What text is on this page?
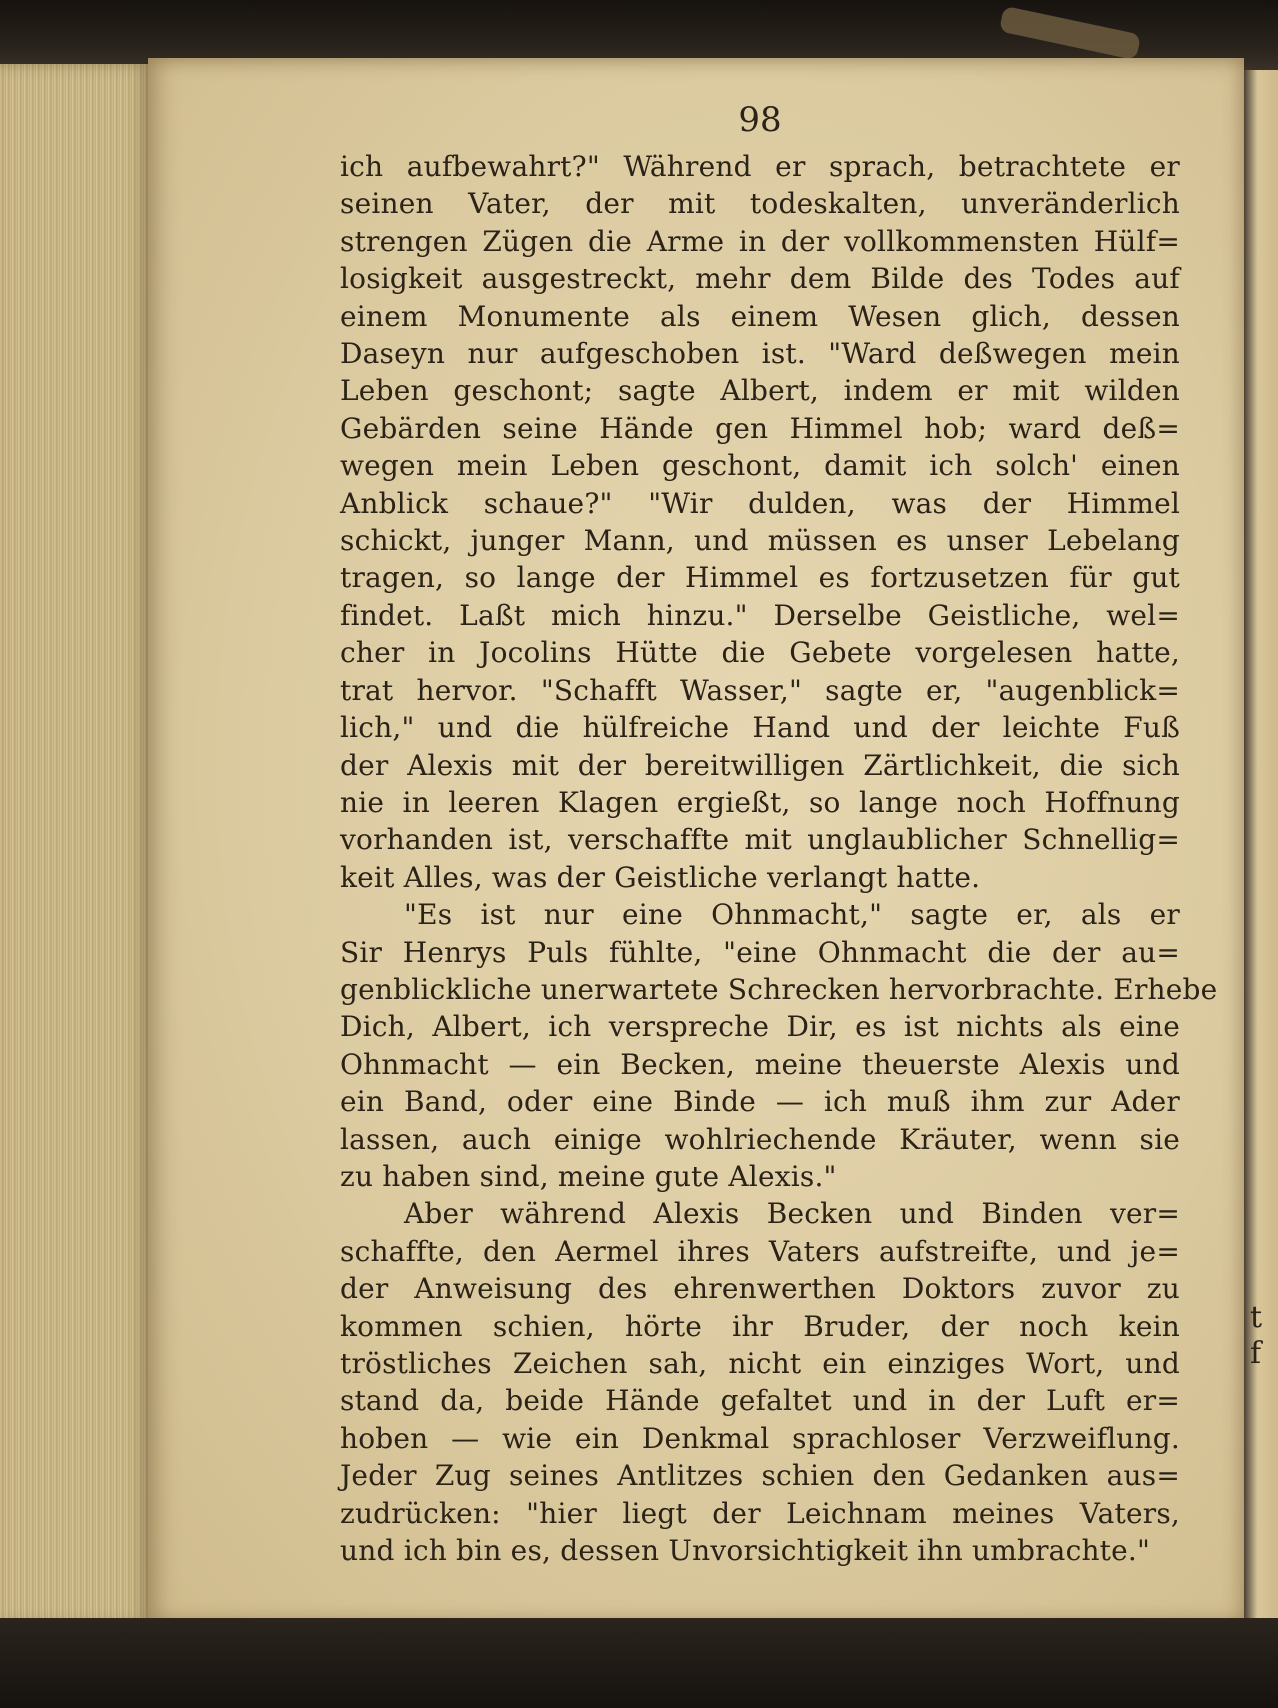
t
f
98
ich aufbewahrt?" Während er sprach, betrachtete er
seinen Vater, der mit todeskalten, unveränderlich
strengen Zügen die Arme in der vollkommensten Hülf=
losigkeit ausgestreckt, mehr dem Bilde des Todes auf
einem Monumente als einem Wesen glich, dessen
Daseyn nur aufgeschoben ist. "Ward deßwegen mein
Leben geschont; sagte Albert, indem er mit wilden
Gebärden seine Hände gen Himmel hob; ward deß=
wegen mein Leben geschont, damit ich solch' einen
Anblick schaue?" "Wir dulden, was der Himmel
schickt, junger Mann, und müssen es unser Lebelang
tragen, so lange der Himmel es fortzusetzen für gut
findet. Laßt mich hinzu." Derselbe Geistliche, wel=
cher in Jocolins Hütte die Gebete vorgelesen hatte,
trat hervor. "Schafft Wasser," sagte er, "augenblick=
lich," und die hülfreiche Hand und der leichte Fuß
der Alexis mit der bereitwilligen Zärtlichkeit, die sich
nie in leeren Klagen ergießt, so lange noch Hoffnung
vorhanden ist, verschaffte mit unglaublicher Schnellig=
keit Alles, was der Geistliche verlangt hatte.
"Es ist nur eine Ohnmacht," sagte er, als er
Sir Henrys Puls fühlte, "eine Ohnmacht die der au=
genblickliche unerwartete Schrecken hervorbrachte. Erhebe
Dich, Albert, ich verspreche Dir, es ist nichts als eine
Ohnmacht — ein Becken, meine theuerste Alexis und
ein Band, oder eine Binde — ich muß ihm zur Ader
lassen, auch einige wohlriechende Kräuter, wenn sie
zu haben sind, meine gute Alexis."
Aber während Alexis Becken und Binden ver=
schaffte, den Aermel ihres Vaters aufstreifte, und je=
der Anweisung des ehrenwerthen Doktors zuvor zu
kommen schien, hörte ihr Bruder, der noch kein
tröstliches Zeichen sah, nicht ein einziges Wort, und
stand da, beide Hände gefaltet und in der Luft er=
hoben — wie ein Denkmal sprachloser Verzweiflung.
Jeder Zug seines Antlitzes schien den Gedanken aus=
zudrücken: "hier liegt der Leichnam meines Vaters,
und ich bin es, dessen Unvorsichtigkeit ihn umbrachte."
